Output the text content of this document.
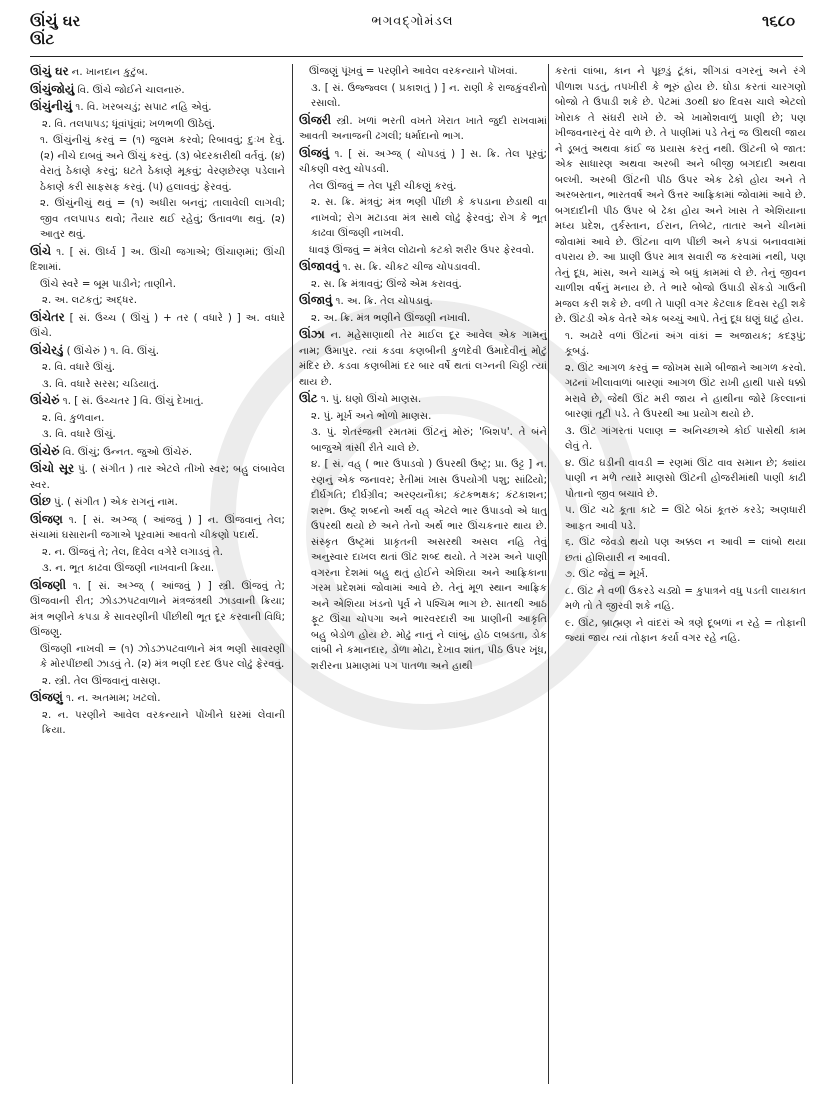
ઊંચું ઘર
ઊંટ
ભગવદ્ગોમંડલ	૧૬૮૦
ઊંચું ઘર ન. ખાનદાન કુટુંબ.
ઊંચુંજોયું વિ. ઊંચે જોઈને ચાલનારું.
ઊંચુંનીચું ૧. વિ. ખરબચડું; સપાટ નહિ એવું.
૨. વિ. તલપાપડ; ધૂંવાંપૂંવાં; ખળભળી ઊઠેલું.
૧. ઊંચુંનીચું કરવું = (૧) જુલમ કરવો; રિબાવવું; દુઃખ દેવું. (૨) નીચે દાબવું અને ઊંચું કરવું. (૩) બેદરકારીથી વર્તવું. (૪) વેરાતું ઠેકાણે કરવું; ઘટતે ઠેકાણે મૂકવું; વેરણછેરણ પડેલાને ઠેકાણે કરી સાફસફ કરવું. (૫) હલાવવું; ફેરવવું.
૨. ઊંચુંનીચું થવું = (૧) અધીરા બનવું; તાલાવેલી લાગવી; જીવ તલપાપડ થવો; તૈયાર થઈ રહેવું; ઉતાવળા થવું. (૨) આતુર થવું.
ઊંચે ૧. [ સં. ઊર્ધ્વ ] અ. ઊંચી જગાએ; ઊંચાણમાં; ઊંચી દિશામાં.
ઊંચે સ્વરે = બૂમ પાડીને; તાણીને.
૨. અ. લટકતું; અદ્ધર.
ઊંચેતર [ સં. ઉચ્ચ ( ઊંચું ) + તર ( વધારે ) ] અ. વધારે ઊંચે.
ઊંચેરડું ( ઊંચેરું ) ૧. વિ. ઊંચું.
૨. વિ. વધારે ઊંચું.
૩. વિ. વધારે સરસ; ચડિયાતું.
ઊંચેરું ૧. [ સં. ઉચ્ચતર ] વિ. ઊંચું દેખાતું.
૨. વિ. કુળવાન.
૩. વિ. વધારે ઊંચું.
ઊંચેરું વિ. ઊંચું; ઉન્નત. જુઓ ઊંચેરું.
ઊંચો સૂર પું. ( સંગીત ) તાર એટલે તીખો સ્વર; બહુ લંબાવેલ સ્વર.
ઊંછ પું. ( સંગીત ) એક રાગનું નામ.
ઊંજણ ૧. [ સં. અઞ્જ્ ( આંજવું ) ] ન. ઊંજવાનું તેલ; સંચામાં ઘસારાની જગાએ પૂરવામાં આવતો ચીકણો પદાર્થ.
૨. ન. ઊંજવું તે; તેલ, દિવેલ વગેરે લગાડવું તે.
૩. ન. ભૂત કાઢવા ઊંજણી નાખવાની ક્રિયા.
ઊંજણી ૧. [ સં. અઞ્જ્ ( આંજવું ) ] સ્ત્રી. ઊંજવું તે; ઊંજવાની રીત; ઝોડઝપટવાળાને મંત્રજંત્રથી ઝાડવાની ક્રિયા; મંત્ર ભણીને કપડા કે સાવરણીની પીંછીથી ભૂત દૂર કરવાની વિધિ; ઊંજણુ.
ઊંજણી નાખવી = (૧) ઝોડઝપટવાળાને મંત્ર ભણી સાવરણી કે મોરપીંછથી ઝાડવું તે. (૨) મંત્ર ભણી દરદ ઉપર લોઢું ફેરવવું.
૨. સ્ત્રી. તેલ ઊંજવાનું વાસણ.
ઊંજણું ૧. ન. અતમામ; ખટલો.
૨. ન. પરણીને આવેલ વરકન્યાને પોંખીને ઘરમાં લેવાની ક્રિયા.
ઊંજણું પૂંખવું = પરણીને આવેલ વરકન્યાને પોંખવાં.
૩. [ સં. ઉજ્જ્વલ ( પ્રકાશતું ) ] ન. રાણી કે રાજકુંવરીનો રસાલો.
ઊંજરી સ્ત્રી. ખળાં ભરતી વખતે ખેરાત ખાતે જુદી રાખવામાં આવતી અનાજની ઢગલી; ધર્માદાનો ભાગ.
ઊંજવું ૧. [ સં. અઞ્જ્ ( ચોપડવું ) ] સ. ક્રિ. તેલ પૂરવું; ચીકણી વસ્તુ ચોપડવી.
તેલ ઊંજવું = તેલ પૂરી ચીકણું કરવું.
૨. સ. ક્રિ. મંત્રવું; મંત્ર ભણી પીંછી કે કપડાના છેડાથી વા નાખવો; રોગ મટાડવા મંત્ર સાથે લોઢું ફેરવવું; રોગ કે ભૂત કાઢવા ઊંજણી નાખવી.
ધાવરૂં ઊંજવું = મંત્રેલ લોઢાનો કટકો શરીર ઉપર ફેરવવો.
ઊંજાવવું ૧. સ. ક્રિ. ચીકટ ચીજ ચોપડાવવી.
૨. સ. ક્રિ મંત્રાવવું; ઊંજે એમ કરાવવું.
ઊંજાવું ૧. અ. ક્રિ. તેલ ચોપડાવું.
૨. અ. ક્રિ. મંત્ર ભણીને ઊંજણી નખાવી.
ઊંઝા ન. મહેસાણાથી તેર માઈલ દૂર આવેલ એક ગામનું નામ; ઉમાપુર. ત્યાં કડવા કણબીની કુળદેવી ઉમાદેવીનું મોટું મંદિર છે. કડવા કણબીમાં દર બાર વર્ષે થતાં લગ્નની ચિઠ્ઠી ત્યાં થાય છે.
ઊંટ ૧. પું. ઘણો ઊંચો માણસ.
૨. પું. મૂર્ખ અને ભોળો માણસ.
૩. પું. શેતરંજની રમતમાં ઊંટનું મોરું; 'બિશપ'. તે બંને બાજુએ ત્રાંસી રીતે ચાલે છે.
૪. [ સં. વહ્ ( ભાર ઉપાડવો ) ઉપરથી ઉષ્ટ્ર; પ્રા. ઉટ્ટ ] ન. રણનું એક જનાવર; રેતીમાં ખાસ ઉપયોગી પશુ; સાંઢિયો; દીર્ઘગતિ; દીર્ઘગ્રીવ; અરણ્યનૌકા; કંટકભક્ષક; કંટકાશન; શરભ. ઉષ્ટ્ર શબ્દનો અર્થ વહ્ એટલે ભાર ઉપાડવો એ ધાતુ ઉપરથી થયો છે અને તેનો અર્થ ભાર ઊંચકનાર થાય છે. સંસ્કૃત ઉષ્ટ્રમાં પ્રાકૃતની અસરથી અસલ નહિ તેવું અનુસ્વાર દાખલ થતાં ઊંટ શબ્દ થયો. તે ગરમ અને પાણી વગરના દેશમાં બહુ થતું હોઈને એશિયા અને આફ્રિકાના ગરમ પ્રદેશમાં જોવામાં આવે છે. તેનું મૂળ સ્થાન આફ્રિક અને એશિયા ખંડનો પૂર્વ ને પશ્ચિમ ભાગ છે. સાતથી આઠ ફૂટ ઊંચા ચોપગા અને ભારવરદારી આ પ્રાણીની આકૃતિ બહુ બેડોળ હોય છે. મોઢું નાનું ને લાંબું, હોઠ લબડતા, ડોક લાંબી ને કમાનદાર, ડોળા મોટા, દેખાવ શાંત, પીઠ ઉપર ખૂંધ, શરીરના પ્રમાણમાં પગ પાતળા અને હાથી
કરતાં લાંબા, કાન ને પૂછડું ટૂંકાં, શીંગડાં વગરનું અને રંગે પીળાશ પડતું, તપખીરી કે ભૂરું હોય છે. ઘોડા કરતાં ચારગણો બોજો તે ઉપાડી શકે છે. પેટમાં ૩૦થી ૪૦ દિવસ ચાલે એટલો ખોરાક તે સંઘરી રાખે છે. એ ખામોશવાળું પ્રાણી છે; પણ ખીજવનારનું વેર વાળે છે. તે પાણીમાં પડે તેનું જ ઊથલી જાય ને ડૂબતું અથવા કાંઈ જ પ્રયાસ કરતું નથી. ઊંટની બે જાત: એક સાધારણ અથવા અરબી અને બીજી બગદાદી અથવા બલ્ખી. અરબી ઊંટની પીઠ ઉપર એક ઢેકો હોય અને તે અરબસ્તાન, ભારતવર્ષ અને ઉત્તર આફ્રિકામાં જોવામાં આવે છે. બગદાદીની પીઠ ઉપર બે ઢેકા હોય અને ખાસ તે એશિયાના મધ્ય પ્રદેશ, તુર્કસ્તાન, ઈરાન, તિબેટ, તાતાર અને ચીનમાં જોવામાં આવે છે. ઊંટના વાળ પીંછી અને કપડાં બનાવવામાં વપરાય છે. આ પ્રાણી ઉપર માત્ર સવારી જ કરવામાં નથી, પણ તેનું દૂધ, માંસ, અને ચામડું એ બધું કામમાં લે છે. તેનું જીવન ચાળીશ વર્ષનું મનાય છે. તે ભારે બોજો ઉપાડી સેંકડો ગાઉની મજલ કરી શકે છે. વળી તે પાણી વગર કેટલાક દિવસ રહી શકે છે. ઊંટડી એક વેતરે એક બચ્ચું આપે. તેનું દૂધ ઘણું ઘાટું હોય.
૧. અઢારે વળાં ઊંટનાં અંગ વાંકાં = અજાયક; કદરૂપું; કૂબડું.
૨. ઊંટ આગળ કરવું = જોખમ સામે બીજાને આગળ કરવો. ગઢનાં ખીલાવાળાં બારણાં આગળ ઊંટ રાખી હાથી પાસે ધક્કો મરાવે છે, જેથી ઊંટ મરી જાય ને હાથીના જોરે કિલ્લાનાં બારણાં તૂટી પડે. તે ઉપરથી આ પ્રયોગ થયો છે.
૩. ઊંટ ગાંગરતાં પલાણ = અનિચ્છાએ કોઈ પાસેથી કામ લેવું તે.
૪. ઊંટ ઘડીની વાવડી = રણમાં ઊંટ વાવ સમાન છે; ક્યાંય પાણી ન મળે ત્યારે માણસો ઊંટની હોજરીમાંથી પાણી કાઢી પોતાનો જીવ બચાવે છે.
૫. ઊંટ ચઢે કૂતા કાટે = ઊંટે બેઠાં કૂતરું કરડે; અણધારી આફત આવી પડે.
૬. ઊંટ જેવડો થયો પણ અક્કલ ન આવી = લાંબો થયા છતાં હોશિયારી ન આવવી.
૭. ઊંટ જેવું = મૂર્ખ.
૮. ઊંટ ને વળી ઉકરડે ચડ્યો = કુપાત્રને વધુ પડતી લાયકાત મળે તો તે જીરવી શકે નહિ.
૯. ઊંટ, બ્રાહ્મણ ને વાંદરાં એ ત્રણે દૂબળાં ન રહે = તોફાની જ્યાં જાય ત્યાં તોફાન કર્યા વગર રહે નહિ.
